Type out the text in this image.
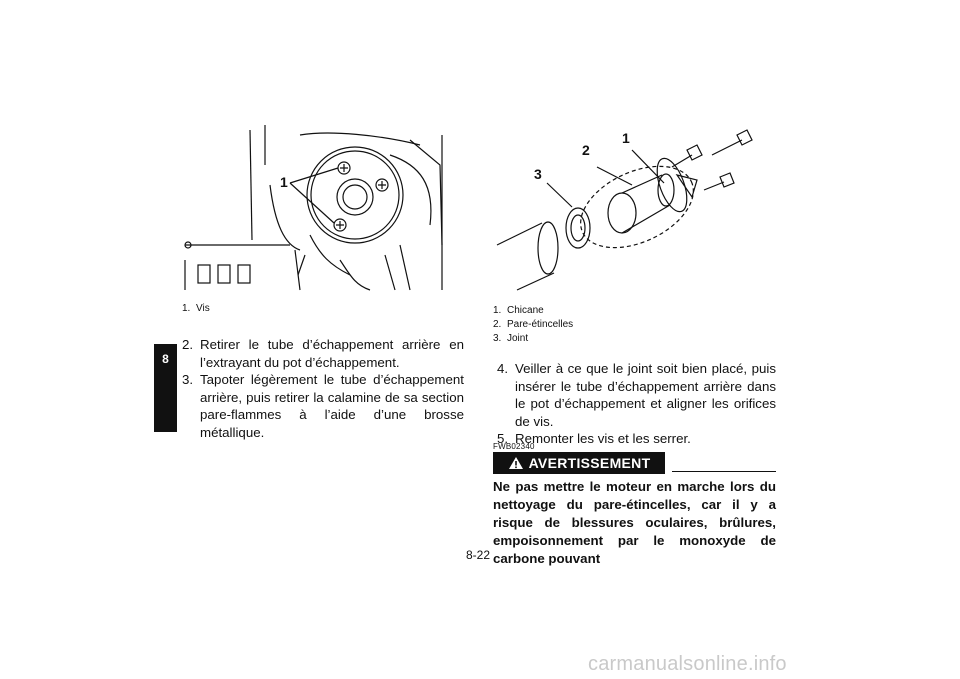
8
1
1. Vis
2. Retirer le tube d’échappement arrière en l’extrayant du pot d’échappement.
3. Tapoter légèrement le tube d’échappement arrière, puis retirer la calamine de sa section pare-flammes à l’aide d’une brosse métallique.
1
2
3
1. Chicane
2. Pare-étincelles
3. Joint
4. Veiller à ce que le joint soit bien placé, puis insérer le tube d’échappement arrière dans le pot d’échappement et aligner les orifices de vis.
5. Remonter les vis et les serrer.
FWB02340
AVERTISSEMENT
Ne pas mettre le moteur en marche lors du nettoyage du pare-étincelles, car il y a risque de blessures oculaires, brûlures, empoisonnement par le monoxyde de carbone pouvant
8-22
carmanualsonline.info
